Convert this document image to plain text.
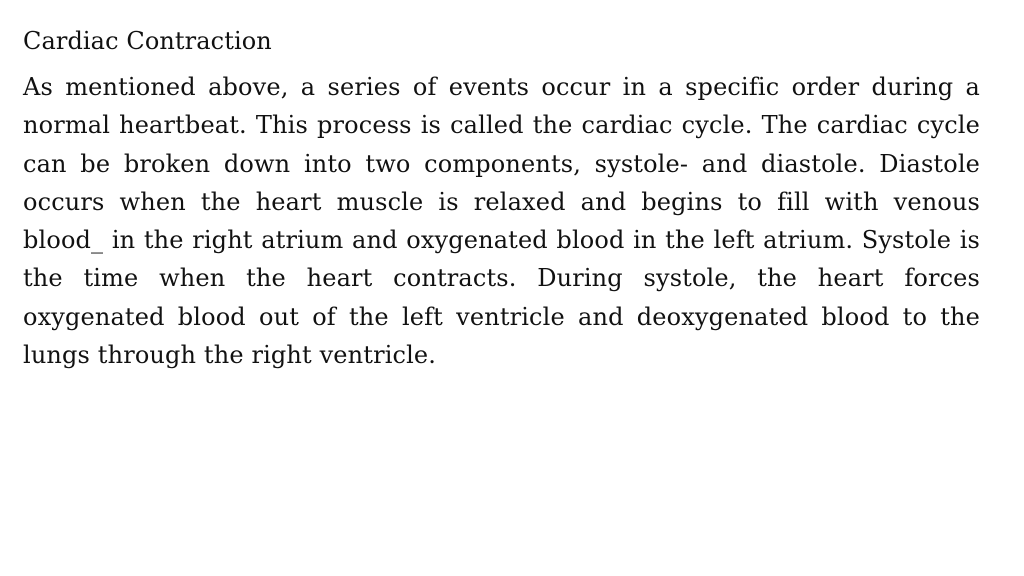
Cardiac Contraction

As mentioned above, a series of events occur in a specific order during a normal heartbeat. This process is called the cardiac cycle. The cardiac cycle can be broken down into two components, systole- and diastole. Diastole occurs when the heart muscle is relaxed and begins to fill with venous blood_ in the right atrium and oxygenated blood in the left atrium. Systole is the time when the heart contracts. During systole, the heart forces oxygenated blood out of the left ventricle and deoxygenated blood to the lungs through the right ventricle.
